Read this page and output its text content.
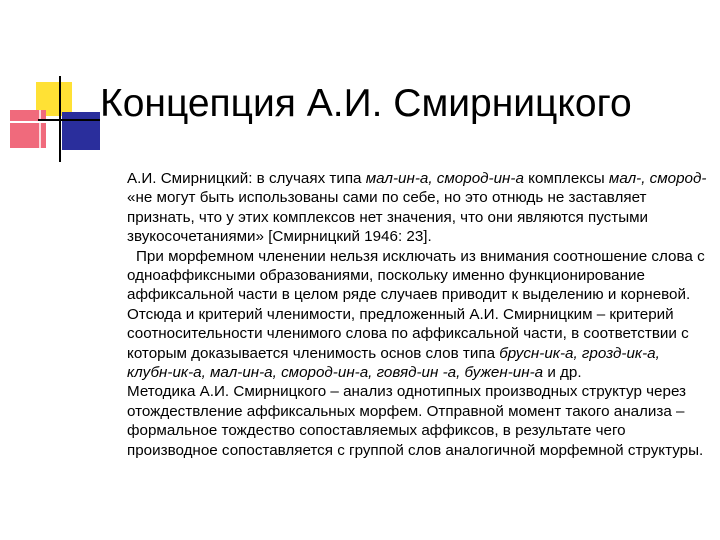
Концепция А.И. Смирницкого

А.И. Смирницкий: в случаях типа мал-ин-а, смород-ин-а комплексы мал-, смород- «не могут быть использованы сами по себе, но это отнюдь не заставляет признать, что у этих комплексов нет значения, что они являются пустыми звукосочетаниями» [Смирницкий 1946: 23].

При морфемном членении нельзя исключать из внимания соотношение слова с одноаффиксными образованиями, поскольку именно функционирование аффиксальной части в целом ряде случаев приводит к выделению и корневой. Отсюда и критерий членимости, предложенный А.И. Смирницким – критерий соотносительности членимого слова по аффиксальной части, в соответствии с которым доказывается членимость основ слов типа брусн-ик-а, грозд-ик-а, клубн-ик-а, мал-ин-а, смород-ин-а, говяд-ин -а, бужен-ин-а и др.

Методика А.И. Смирницкого – анализ однотипных производных структур через отождествление аффиксальных морфем. Отправной момент такого анализа – формальное тождество сопоставляемых аффиксов, в результате чего производное сопоставляется с группой слов аналогичной морфемной структуры.
